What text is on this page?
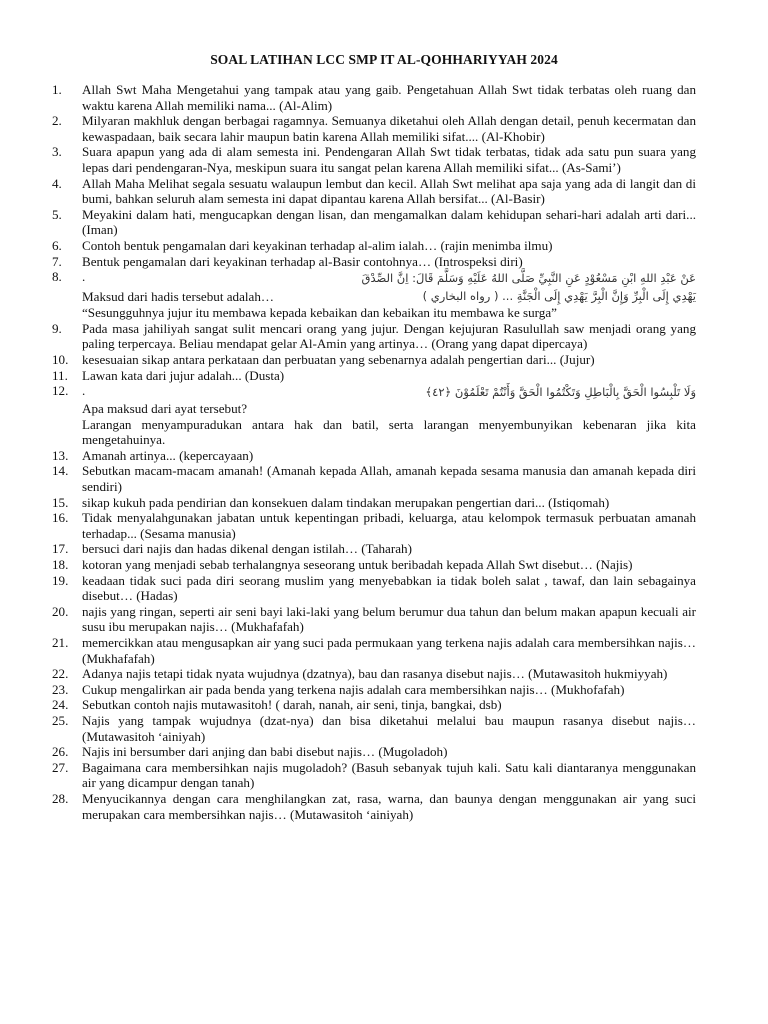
SOAL LATIHAN LCC SMP IT AL-QOHHARIYYAH 2024
1.	Allah Swt Maha Mengetahui yang tampak atau yang gaib. Pengetahuan Allah Swt tidak terbatas oleh ruang dan waktu karena Allah memiliki nama... (Al-Alim)
2.	Milyaran makhluk dengan berbagai ragamnya. Semuanya diketahui oleh Allah dengan detail, penuh kecermatan dan kewaspadaan, baik secara lahir maupun batin karena Allah memiliki sifat.... (Al-Khobir)
3.	Suara apapun yang ada di alam semesta ini. Pendengaran Allah Swt tidak terbatas, tidak ada satu pun suara yang lepas dari pendengaran-Nya, meskipun suara itu sangat pelan karena Allah memiliki sifat... (As-Sami’)
4.	Allah Maha Melihat segala sesuatu walaupun lembut dan kecil. Allah Swt melihat apa saja yang ada di langit dan di bumi, bahkan seluruh alam semesta ini dapat dipantau karena Allah bersifat... (Al-Basir)
5.	Meyakini dalam hati, mengucapkan dengan lisan, dan mengamalkan dalam kehidupan sehari-hari adalah arti dari... (Iman)
6.	Contoh bentuk pengamalan dari keyakinan terhadap al-alim ialah… (rajin menimba ilmu)
7.	Bentuk pengamalan dari keyakinan terhadap al-Basir contohnya… (Introspeksi diri)
8.	.	عَنْ عَبْدِ اللهِ ابْنِ مَسْعُوْدٍ عَنِ النَّبِيِّ صَلَّى اللهُ عَلَيْهِ وَسَلَّمَ قَالَ: اِنَّ الصِّدْقَ
Maksud dari hadis tersebut adalah…	يَهْدِي إِلَى الْبِرِّ وَإِنَّ الْبِرَّ يَهْدِي إِلَى الْجَنَّةِ ... ( رواه البخاري )
“Sesungguhnya jujur itu membawa kepada kebaikan dan kebaikan itu membawa ke surga”
9.	Pada masa jahiliyah sangat sulit mencari orang yang jujur. Dengan kejujuran Rasulullah saw menjadi orang yang paling terpercaya. Beliau mendapat gelar Al-Amin yang artinya… (Orang yang dapat dipercaya)
10.	kesesuaian sikap antara perkataan dan perbuatan yang sebenarnya adalah pengertian dari... (Jujur)
11.	Lawan kata dari jujur adalah... (Dusta)
12.	.	وَلَا تَلْبِسُوا الْحَقَّ بِالْبَاطِلِ وَتَكْتُمُوا الْحَقَّ وَأَنْتُمْ تَعْلَمُوْنَ ﴿٤٢﴾
Apa maksud dari ayat tersebut?
Larangan menyampuradukan antara hak dan batil, serta larangan menyembunyikan kebenaran jika kita mengetahuinya.
13.	Amanah artinya... (kepercayaan)
14.	Sebutkan macam-macam amanah! (Amanah kepada Allah, amanah kepada sesama manusia dan amanah kepada diri sendiri)
15.	sikap kukuh pada pendirian dan konsekuen dalam tindakan merupakan pengertian dari... (Istiqomah)
16.	Tidak menyalahgunakan jabatan untuk kepentingan pribadi, keluarga, atau kelompok termasuk perbuatan amanah terhadap... (Sesama manusia)
17.	bersuci dari najis dan hadas dikenal dengan istilah… (Taharah)
18.	kotoran yang menjadi sebab terhalangnya seseorang untuk beribadah kepada Allah Swt disebut… (Najis)
19.	keadaan tidak suci pada diri seorang muslim yang menyebabkan ia tidak boleh salat , tawaf, dan lain sebagainya disebut… (Hadas)
20.	najis yang ringan, seperti air seni bayi laki-laki yang belum berumur dua tahun dan belum makan apapun kecuali air susu ibu merupakan najis… (Mukhafafah)
21.	memercikkan atau mengusapkan air yang suci pada permukaan yang terkena najis adalah cara membersihkan najis… (Mukhafafah)
22.	Adanya najis tetapi tidak nyata wujudnya (dzatnya), bau dan rasanya disebut najis… (Mutawasitoh hukmiyyah)
23.	Cukup mengalirkan air pada benda yang terkena najis adalah cara membersihkan najis… (Mukhofafah)
24.	Sebutkan contoh najis mutawasitoh! ( darah, nanah, air seni, tinja, bangkai, dsb)
25.	Najis yang tampak wujudnya (dzat-nya) dan bisa diketahui melalui bau maupun rasanya disebut najis… (Mutawasitoh ‘ainiyah)
26.	Najis ini bersumber dari anjing dan babi disebut najis… (Mugoladoh)
27.	Bagaimana cara membersihkan najis mugoladoh? (Basuh sebanyak tujuh kali. Satu kali diantaranya menggunakan air yang dicampur dengan tanah)
28.	Menyucikannya dengan cara menghilangkan zat, rasa, warna, dan baunya dengan menggunakan air yang suci merupakan cara membersihkan najis… (Mutawasitoh ‘ainiyah)
